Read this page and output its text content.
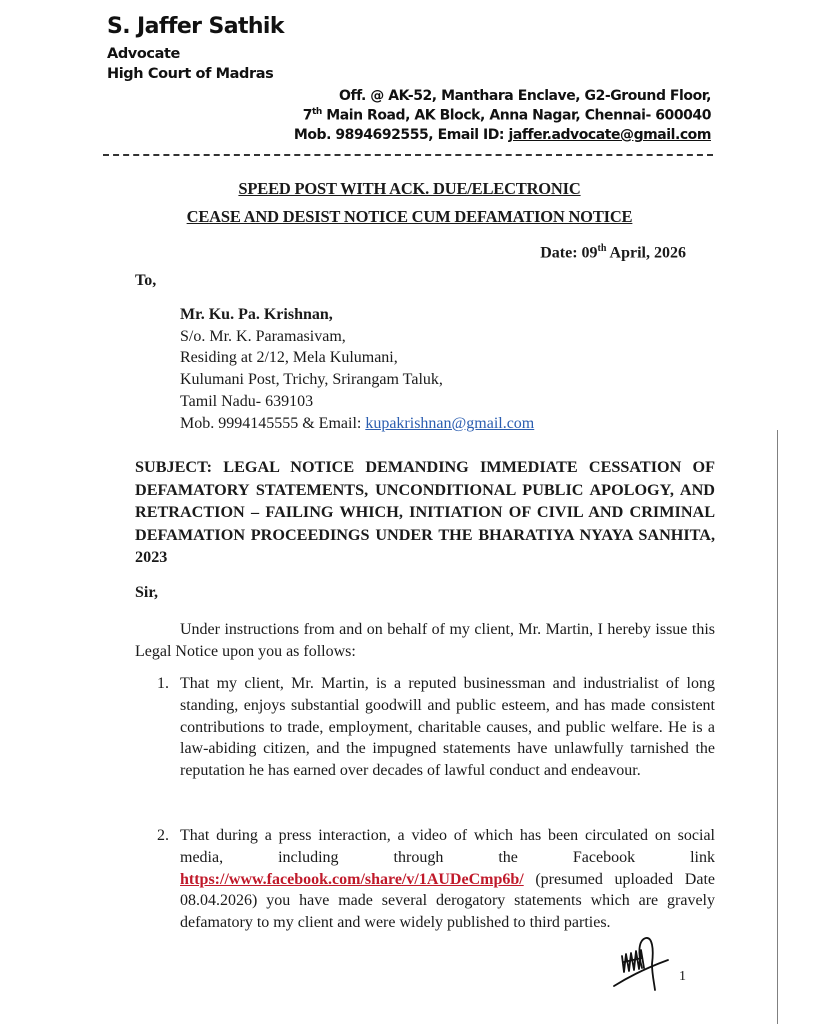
S. Jaffer Sathik
Advocate
High Court of Madras
Off. @ AK-52, Manthara Enclave, G2-Ground Floor,
7th Main Road, AK Block, Anna Nagar, Chennai- 600040
Mob. 9894692555, Email ID: jaffer.advocate@gmail.com
SPEED POST WITH ACK. DUE/ELECTRONIC
CEASE AND DESIST NOTICE CUM DEFAMATION NOTICE
Date: 09th April, 2026
To,
Mr. Ku. Pa. Krishnan,
S/o. Mr. K. Paramasivam,
Residing at 2/12, Mela Kulumani,
Kulumani Post, Trichy, Srirangam Taluk,
Tamil Nadu- 639103
Mob. 9994145555 & Email: kupakrishnan@gmail.com
SUBJECT: LEGAL NOTICE DEMANDING IMMEDIATE CESSATION OF DEFAMATORY STATEMENTS, UNCONDITIONAL PUBLIC APOLOGY, AND RETRACTION – FAILING WHICH, INITIATION OF CIVIL AND CRIMINAL DEFAMATION PROCEEDINGS UNDER THE BHARATIYA NYAYA SANHITA, 2023
Sir,
Under instructions from and on behalf of my client, Mr. Martin, I hereby issue this Legal Notice upon you as follows:
1. That my client, Mr. Martin, is a reputed businessman and industrialist of long standing, enjoys substantial goodwill and public esteem, and has made consistent contributions to trade, employment, charitable causes, and public welfare. He is a law-abiding citizen, and the impugned statements have unlawfully tarnished the reputation he has earned over decades of lawful conduct and endeavour.
2. That during a press interaction, a video of which has been circulated on social media, including through the Facebook link https://www.facebook.com/share/v/1AUDeCmp6b/ (presumed uploaded Date 08.04.2026) you have made several derogatory statements which are gravely defamatory to my client and were widely published to third parties.
1
